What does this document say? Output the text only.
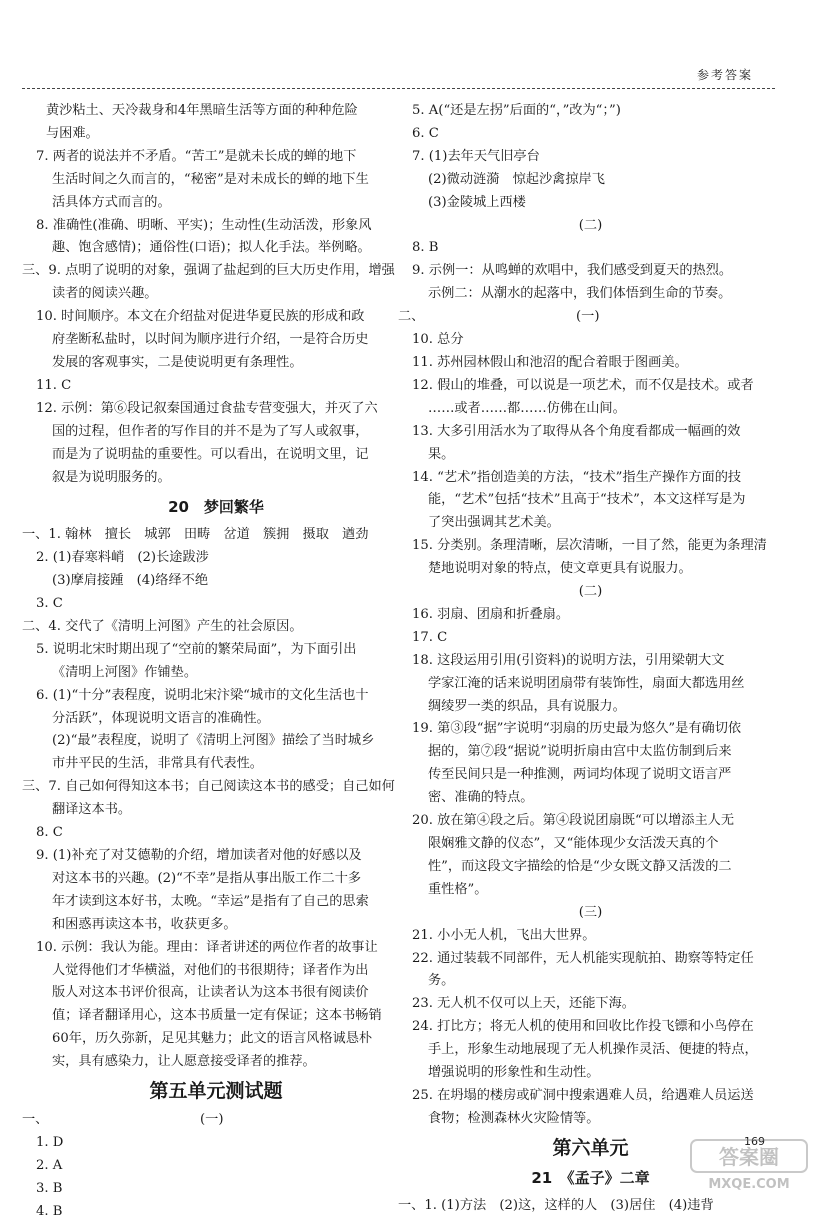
参考答案
黄沙粘土、天冷裁身和4年黑暗生活等方面的种种危险
与困难。
7. 两者的说法并不矛盾。“苦工”是就未长成的蝉的地下
生活时间之久而言的，“秘密”是对未成长的蝉的地下生
活具体方式而言的。
8. 准确性(准确、明晰、平实)；生动性(生动活泼，形象风
趣、饱含感情)；通俗性(口语)；拟人化手法。举例略。
三、9. 点明了说明的对象，强调了盐起到的巨大历史作用，增强
读者的阅读兴趣。
10. 时间顺序。本文在介绍盐对促进华夏民族的形成和政
府垄断私盐时，以时间为顺序进行介绍，一是符合历史
发展的客观事实，二是使说明更有条理性。
11. C
12. 示例：第⑥段记叙秦国通过食盐专营变强大，并灭了六
国的过程，但作者的写作目的并不是为了写人或叙事，
而是为了说明盐的重要性。可以看出，在说明文里，记
叙是为说明服务的。
20　梦回繁华
一、1. 翰林　擅长　城郭　田畴　岔道　簇拥　摄取　遒劲
2. (1)春寒料峭　(2)长途跋涉
(3)摩肩接踵　(4)络绎不绝
3. C
二、4. 交代了《清明上河图》产生的社会原因。
5. 说明北宋时期出现了“空前的繁荣局面”，为下面引出
《清明上河图》作铺垫。
6. (1)“十分”表程度，说明北宋汴梁“城市的文化生活也十
分活跃”，体现说明文语言的准确性。
(2)“最”表程度，说明了《清明上河图》描绘了当时城乡
市井平民的生活，非常具有代表性。
三、7. 自己如何得知这本书；自己阅读这本书的感受；自己如何
翻译这本书。
8. C
9. (1)补充了对艾德勒的介绍，增加读者对他的好感以及
对这本书的兴趣。(2)“不幸”是指从事出版工作二十多
年才读到这本好书，太晚。“幸运”是指有了自己的思索
和困惑再读这本书，收获更多。
10. 示例：我认为能。理由：译者讲述的两位作者的故事让
人觉得他们才华横溢，对他们的书很期待；译者作为出
版人对这本书评价很高，让读者认为这本书很有阅读价
值；译者翻译用心，这本书质量一定有保证；这本书畅销
60年，历久弥新，足见其魅力；此文的语言风格诚恳朴
实，具有感染力，让人愿意接受译者的推荐。
第五单元测试题
一、　　　　　　　　　　　　(一)
1. D
2. A
3. B
4. B
5. A(“还是左拐”后面的“，”改为“；”)
6. C
7. (1)去年天气旧亭台
(2)微动涟漪　惊起沙禽掠岸飞
(3)金陵城上西楼
(二)
8. B
9. 示例一：从鸣蝉的欢唱中，我们感受到夏天的热烈。
示例二：从潮水的起落中，我们体悟到生命的节奏。
二、　　　　　　　　　　　　(一)
10. 总分
11. 苏州园林假山和池沼的配合着眼于图画美。
12. 假山的堆叠，可以说是一项艺术，而不仅是技术。或者
……或者……都……仿佛在山间。
13. 大多引用活水为了取得从各个角度看都成一幅画的效
果。
14. “艺术”指创造美的方法，“技术”指生产操作方面的技
能，“艺术”包括“技术”且高于“技术”，本文这样写是为
了突出强调其艺术美。
15. 分类别。条理清晰，层次清晰，一目了然，能更为条理清
楚地说明对象的特点，使文章更具有说服力。
(二)
16. 羽扇、团扇和折叠扇。
17. C
18. 这段运用引用(引资料)的说明方法，引用梁朝大文
学家江淹的话来说明团扇带有装饰性，扇面大都选用丝
绸绫罗一类的织品，具有说服力。
19. 第③段“据”字说明“羽扇的历史最为悠久”是有确切依
据的，第⑦段“据说”说明折扇由宫中太监仿制到后来
传至民间只是一种推测，两词均体现了说明文语言严
密、准确的特点。
20. 放在第④段之后。第④段说团扇既“可以增添主人无
限娴雅文静的仪态”，又“能体现少女活泼天真的个
性”，而这段文字描绘的恰是“少女既文静又活泼的二
重性格”。
(三)
21. 小小无人机，飞出大世界。
22. 通过装载不同部件，无人机能实现航拍、勘察等特定任
务。
23. 无人机不仅可以上天，还能下海。
24. 打比方；将无人机的使用和回收比作投飞镖和小鸟停在
手上，形象生动地展现了无人机操作灵活、便捷的特点，
增强说明的形象性和生动性。
25. 在坍塌的楼房或矿洞中搜索遇难人员，给遇难人员运送
食物；检测森林火灾险情等。
第六单元
21　《孟子》二章
一、1. (1)方法　(2)这，这样的人　(3)居住　(4)违背
169
答案圈
MXQE.COM
